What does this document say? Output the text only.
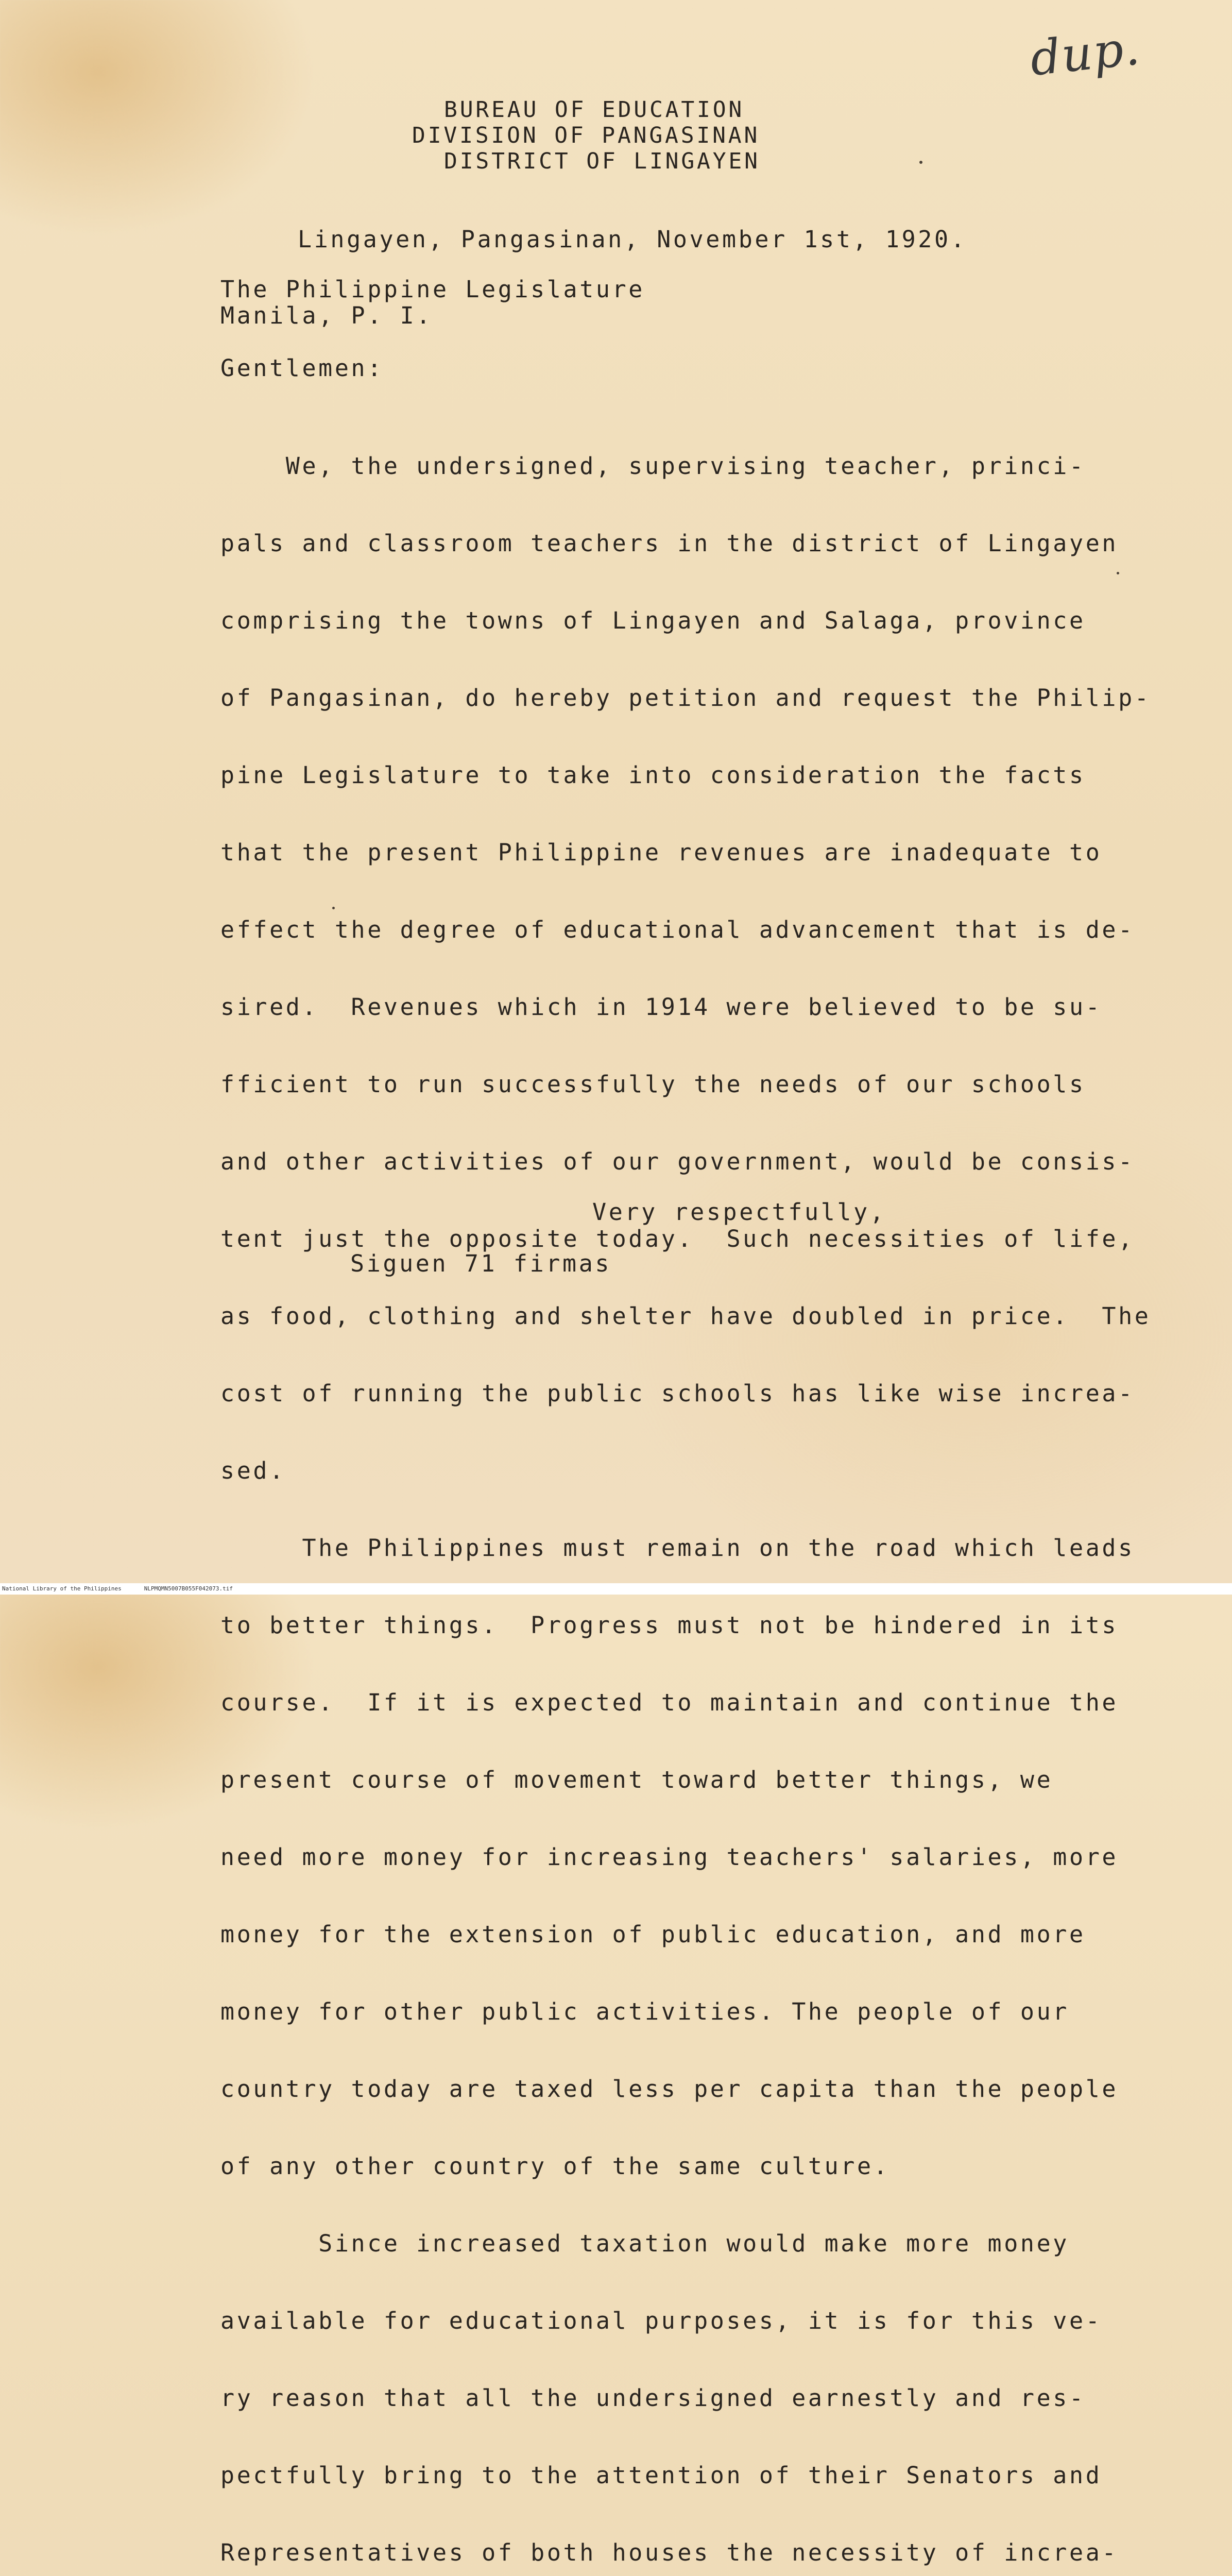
dup.
BUREAU OF EDUCATION
DIVISION OF PANGASINAN
DISTRICT OF LINGAYEN
Lingayen, Pangasinan, November 1st, 1920.
The Philippine Legislature
Manila, P. I.
Gentlemen:

We, the undersigned, supervising teacher, princi-

pals and classroom teachers in the district of Lingayen

comprising the towns of Lingayen and Salaga, province

of Pangasinan, do hereby petition and request the Philip-

pine Legislature to take into consideration the facts

that the present Philippine revenues are inadequate to

effect the degree of educational advancement that is de-

sired.  Revenues which in 1914 were believed to be su-

fficient to run successfully the needs of our schools

and other activities of our government, would be consis-

tent just the opposite today.  Such necessities of life,

as food, clothing and shelter have doubled in price.  The

cost of running the public schools has like wise increa-

sed.

The Philippines must remain on the road which leads

to better things.  Progress must not be hindered in its

course.  If it is expected to maintain and continue the

present course of movement toward better things, we

need more money for increasing teachers' salaries, more

money for the extension of public education, and more

money for other public activities. The people of our

country today are taxed less per capita than the people

of any other country of the same culture.

Since increased taxation would make more money

available for educational purposes, it is for this ve-

ry reason that all the undersigned earnestly and res-

pectfully bring to the attention of their Senators and

Representatives of both houses the necessity of increa-

Very respectfully,
Siguen 71 firmas
National Library of the Philippines	NLPMQMN5007B055F042073.tif
